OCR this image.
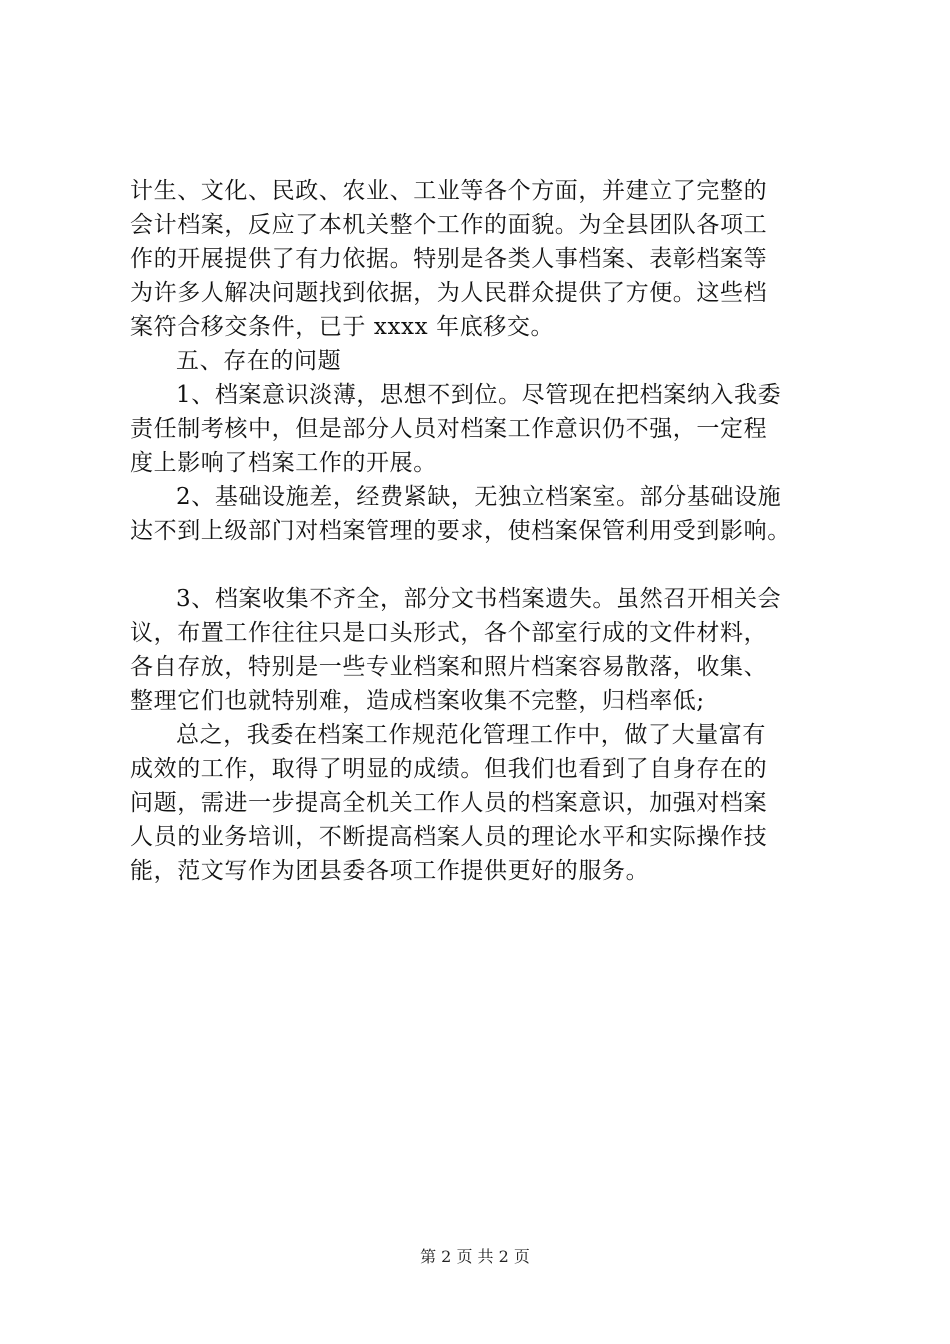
计生、文化、民政、农业、工业等各个方面，并建立了完整的
会计档案，反应了本机关整个工作的面貌。为全县团队各项工
作的开展提供了有力依据。特别是各类人事档案、表彰档案等
为许多人解决问题找到依据，为人民群众提供了方便。这些档
案符合移交条件，已于 xxxx 年底移交。
五、存在的问题
1、档案意识淡薄，思想不到位。尽管现在把档案纳入我委
责任制考核中，但是部分人员对档案工作意识仍不强，一定程
度上影响了档案工作的开展。
2、基础设施差，经费紧缺，无独立档案室。部分基础设施
达不到上级部门对档案管理的要求，使档案保管利用受到影响。
3、档案收集不齐全，部分文书档案遗失。虽然召开相关会
议，布置工作往往只是口头形式，各个部室行成的文件材料，
各自存放，特别是一些专业档案和照片档案容易散落，收集、
整理它们也就特别难，造成档案收集不完整，归档率低;
总之，我委在档案工作规范化管理工作中，做了大量富有
成效的工作，取得了明显的成绩。但我们也看到了自身存在的
问题，需进一步提高全机关工作人员的档案意识，加强对档案
人员的业务培训，不断提高档案人员的理论水平和实际操作技
能，范文写作为团县委各项工作提供更好的服务。
第 2 页 共 2 页
